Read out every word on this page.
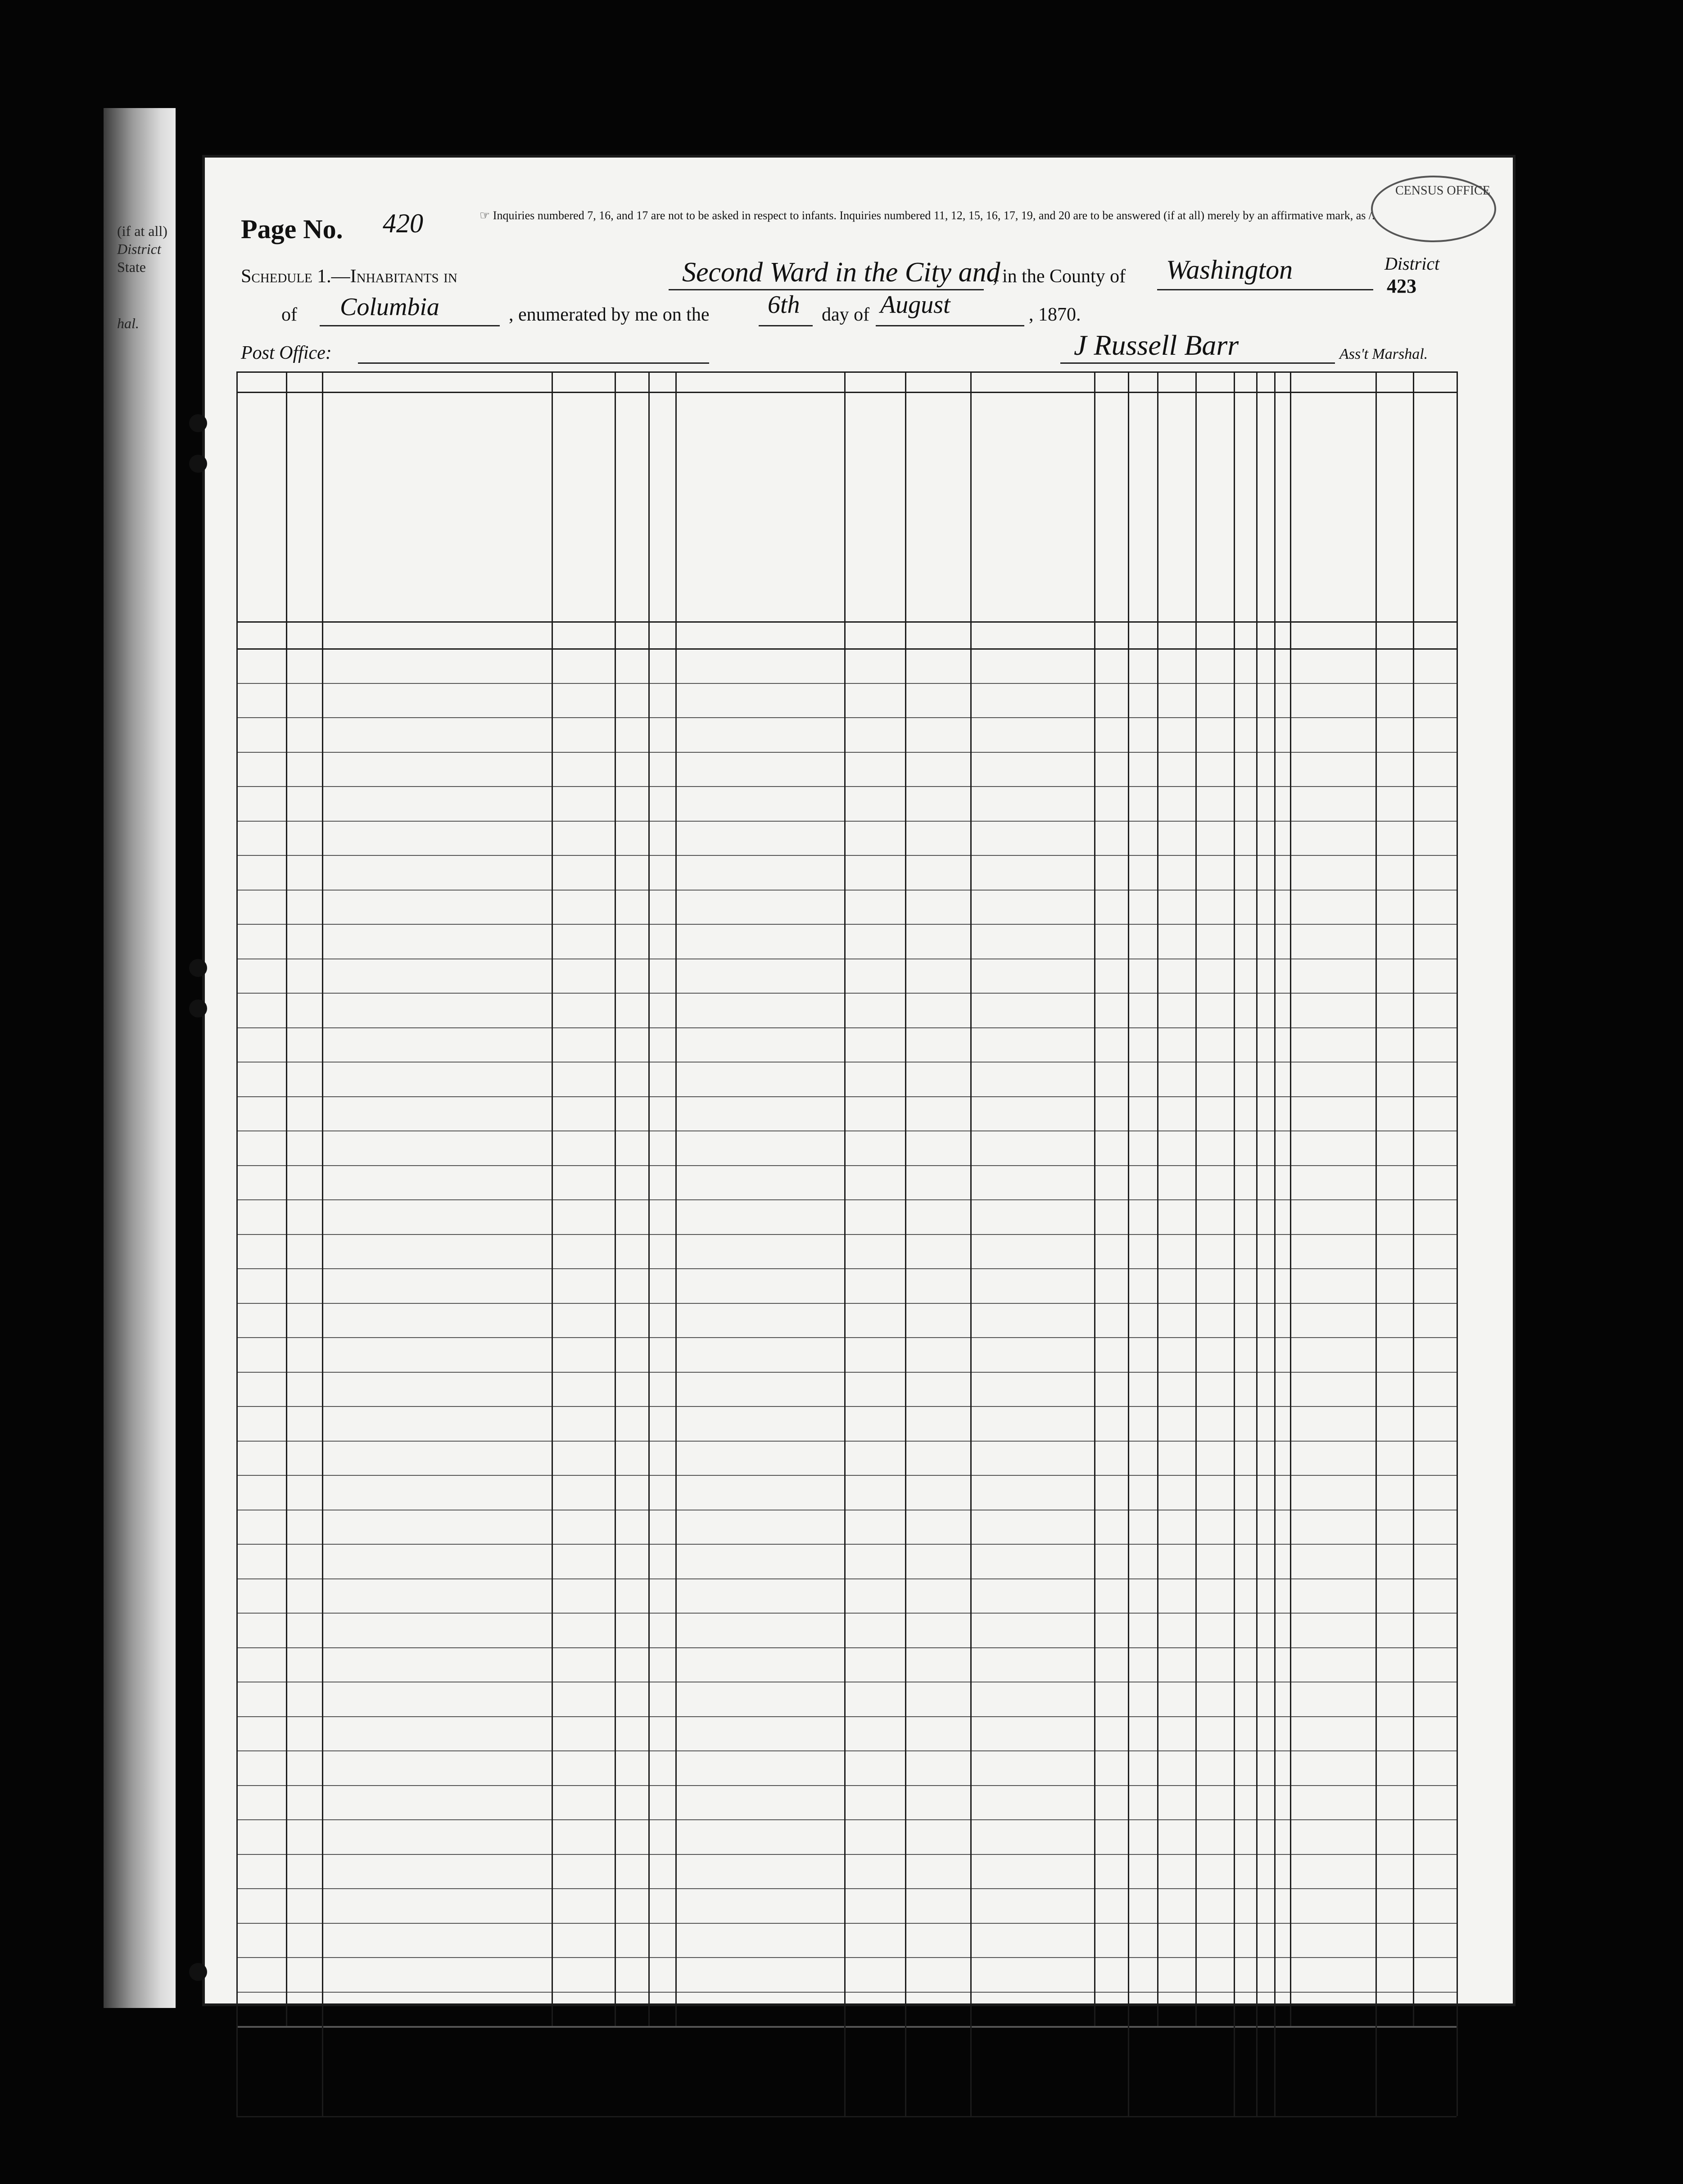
(if at all)
District
State
hal.
Page No. 420	☞ Inquiries numbered 7, 16, and 17 are not to be asked in respect to infants. Inquiries numbered 11, 12, 15, 16, 17, 19, and 20 are to be answered (if at all) merely by an affirmative mark, as /.
CENSUS OFFICE
Schedule 1.—Inhabitants in	Second Ward in the City and
, in the County of Washington	District
423
of Columbia	, enumerated by me on the 6th day of August	, 1870.
Post Office:	J Russell Barr	Ass't Marshal.
